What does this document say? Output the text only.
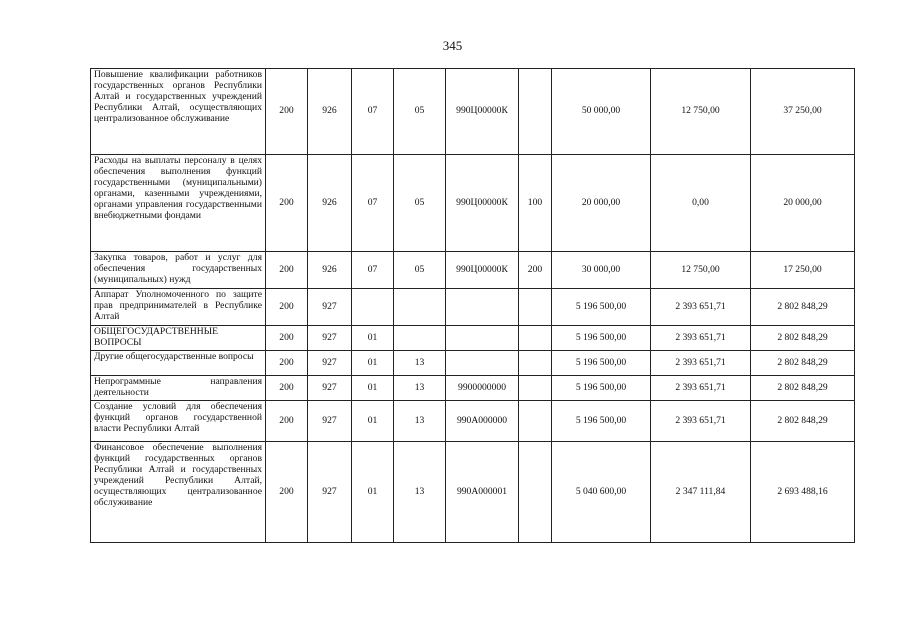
345
Повышение квалификации работников государственных органов Республики Алтай и государственных учреждений Республики Алтай, осуществляющих централизованное обслуживание	200	926	07	05	990Ц00000К		50 000,00	12 750,00	37 250,00
Расходы на выплаты персоналу в целях обеспечения выполнения функций государственными (муниципальными) органами, казенными учреждениями, органами управления государственными внебюджетными фондами	200	926	07	05	990Ц00000К	100	20 000,00	0,00	20 000,00
Закупка товаров, работ и услуг для обеспечения государственных (муниципальных) нужд	200	926	07	05	990Ц00000К	200	30 000,00	12 750,00	17 250,00
Аппарат Уполномоченного по защите прав предпринимателей в Республике Алтай	200	927					5 196 500,00	2 393 651,71	2 802 848,29
ОБЩЕГОСУДАРСТВЕННЫЕ ВОПРОСЫ	200	927	01				5 196 500,00	2 393 651,71	2 802 848,29
Другие общегосударственные вопросы	200	927	01	13			5 196 500,00	2 393 651,71	2 802 848,29
Непрограммные направления деятельности	200	927	01	13	9900000000		5 196 500,00	2 393 651,71	2 802 848,29
Создание условий для обеспечения функций органов государственной власти Республики Алтай	200	927	01	13	990А000000		5 196 500,00	2 393 651,71	2 802 848,29
Финансовое обеспечение выполнения функций государственных органов Республики Алтай и государственных учреждений Республики Алтай, осуществляющих централизованное обслуживание	200	927	01	13	990А000001		5 040 600,00	2 347 111,84	2 693 488,16
